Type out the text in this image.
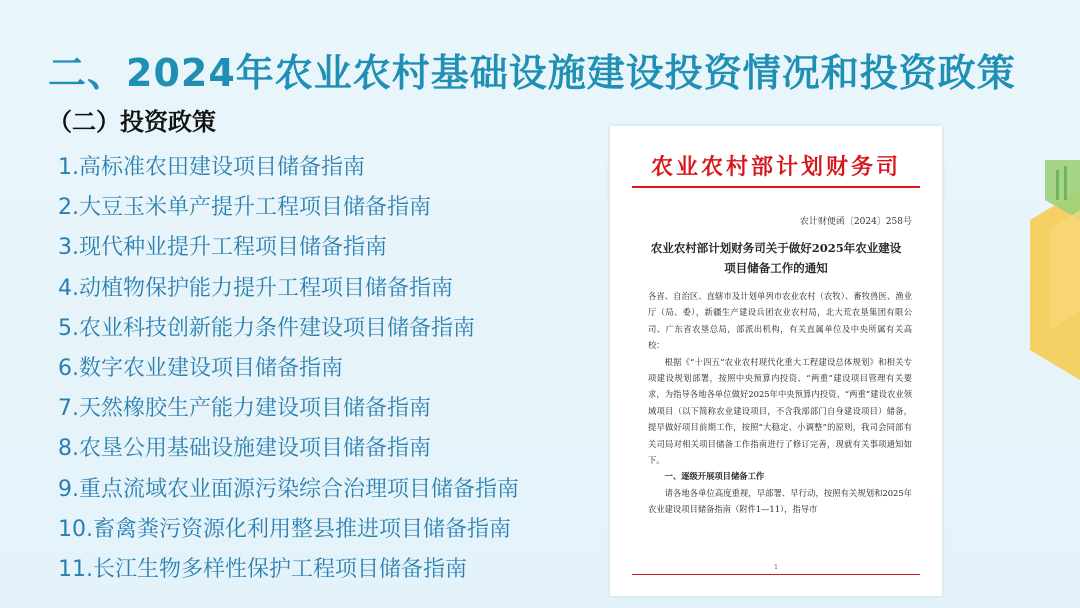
二、2024年农业农村基础设施建设投资情况和投资政策
（二）投资政策
1.高标准农田建设项目储备指南
2.大豆玉米单产提升工程项目储备指南
3.现代种业提升工程项目储备指南
4.动植物保护能力提升工程项目储备指南
5.农业科技创新能力条件建设项目储备指南
6.数字农业建设项目储备指南
7.天然橡胶生产能力建设项目储备指南
8.农垦公用基础设施建设项目储备指南
9.重点流域农业面源污染综合治理项目储备指南
10.畜禽粪污资源化利用整县推进项目储备指南
11.长江生物多样性保护工程项目储备指南
农业农村部计划财务司
农计财便函〔2024〕258号
农业农村部计划财务司关于做好2025年农业建设
项目储备工作的通知

各省、自治区、直辖市及计划单列市农业农村（农牧）、畜牧兽医、渔业厅（局、委），新疆生产建设兵团农业农村局，北大荒农垦集团有限公司、广东省农垦总局，部派出机构，有关直属单位及中央所属有关高校：

根据《“十四五”农业农村现代化重大工程建设总体规划》和相关专项建设规划部署，按照中央预算内投资、“两重”建设项目管理有关要求，为指导各地各单位做好2025年中央预算内投资、“两重”建设农业领域项目（以下简称农业建设项目，不含我部部门自身建设项目）储备，提早做好项目前期工作，按照“大稳定、小调整”的原则，我司会同部有关司局对相关项目储备工作指南进行了修订完善，现就有关事项通知如下。

一、逐级开展项目储备工作

请各地各单位高度重视，早部署、早行动，按照有关规划和2025年农业建设项目储备指南（附件1—11），指导市

1
